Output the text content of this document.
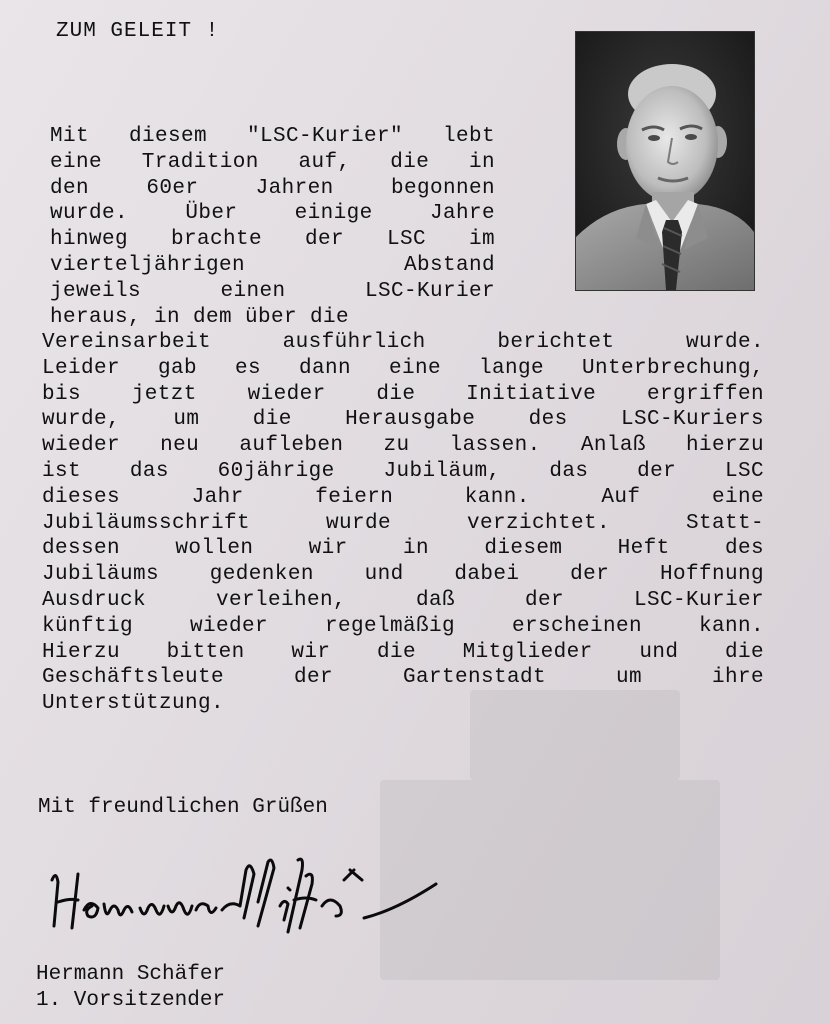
ZUM GELEIT !

Mit diesem "LSC-Kurier" lebt
eine Tradition auf, die in
den 60er Jahren begonnen
wurde. Über einige Jahre
hinweg brachte der LSC im
vierteljährigen Abstand
jeweils einen LSC-Kurier
heraus, in dem über die

Vereinsarbeit ausführlich berichtet wurde.
Leider gab es dann eine lange Unterbrechung,
bis jetzt wieder die Initiative ergriffen
wurde, um die Herausgabe des LSC-Kuriers
wieder neu aufleben zu lassen. Anlaß hierzu
ist das 60jährige Jubiläum, das der LSC
dieses Jahr feiern kann. Auf eine
Jubiläumsschrift wurde verzichtet. Statt-
dessen wollen wir in diesem Heft des
Jubiläums gedenken und dabei der Hoffnung
Ausdruck verleihen, daß der LSC-Kurier
künftig wieder regelmäßig erscheinen kann.
Hierzu bitten wir die Mitglieder und die
Geschäftsleute der Gartenstadt um ihre
Unterstützung.

Mit freundlichen Grüßen

Hermann Schäfer
1. Vorsitzender
